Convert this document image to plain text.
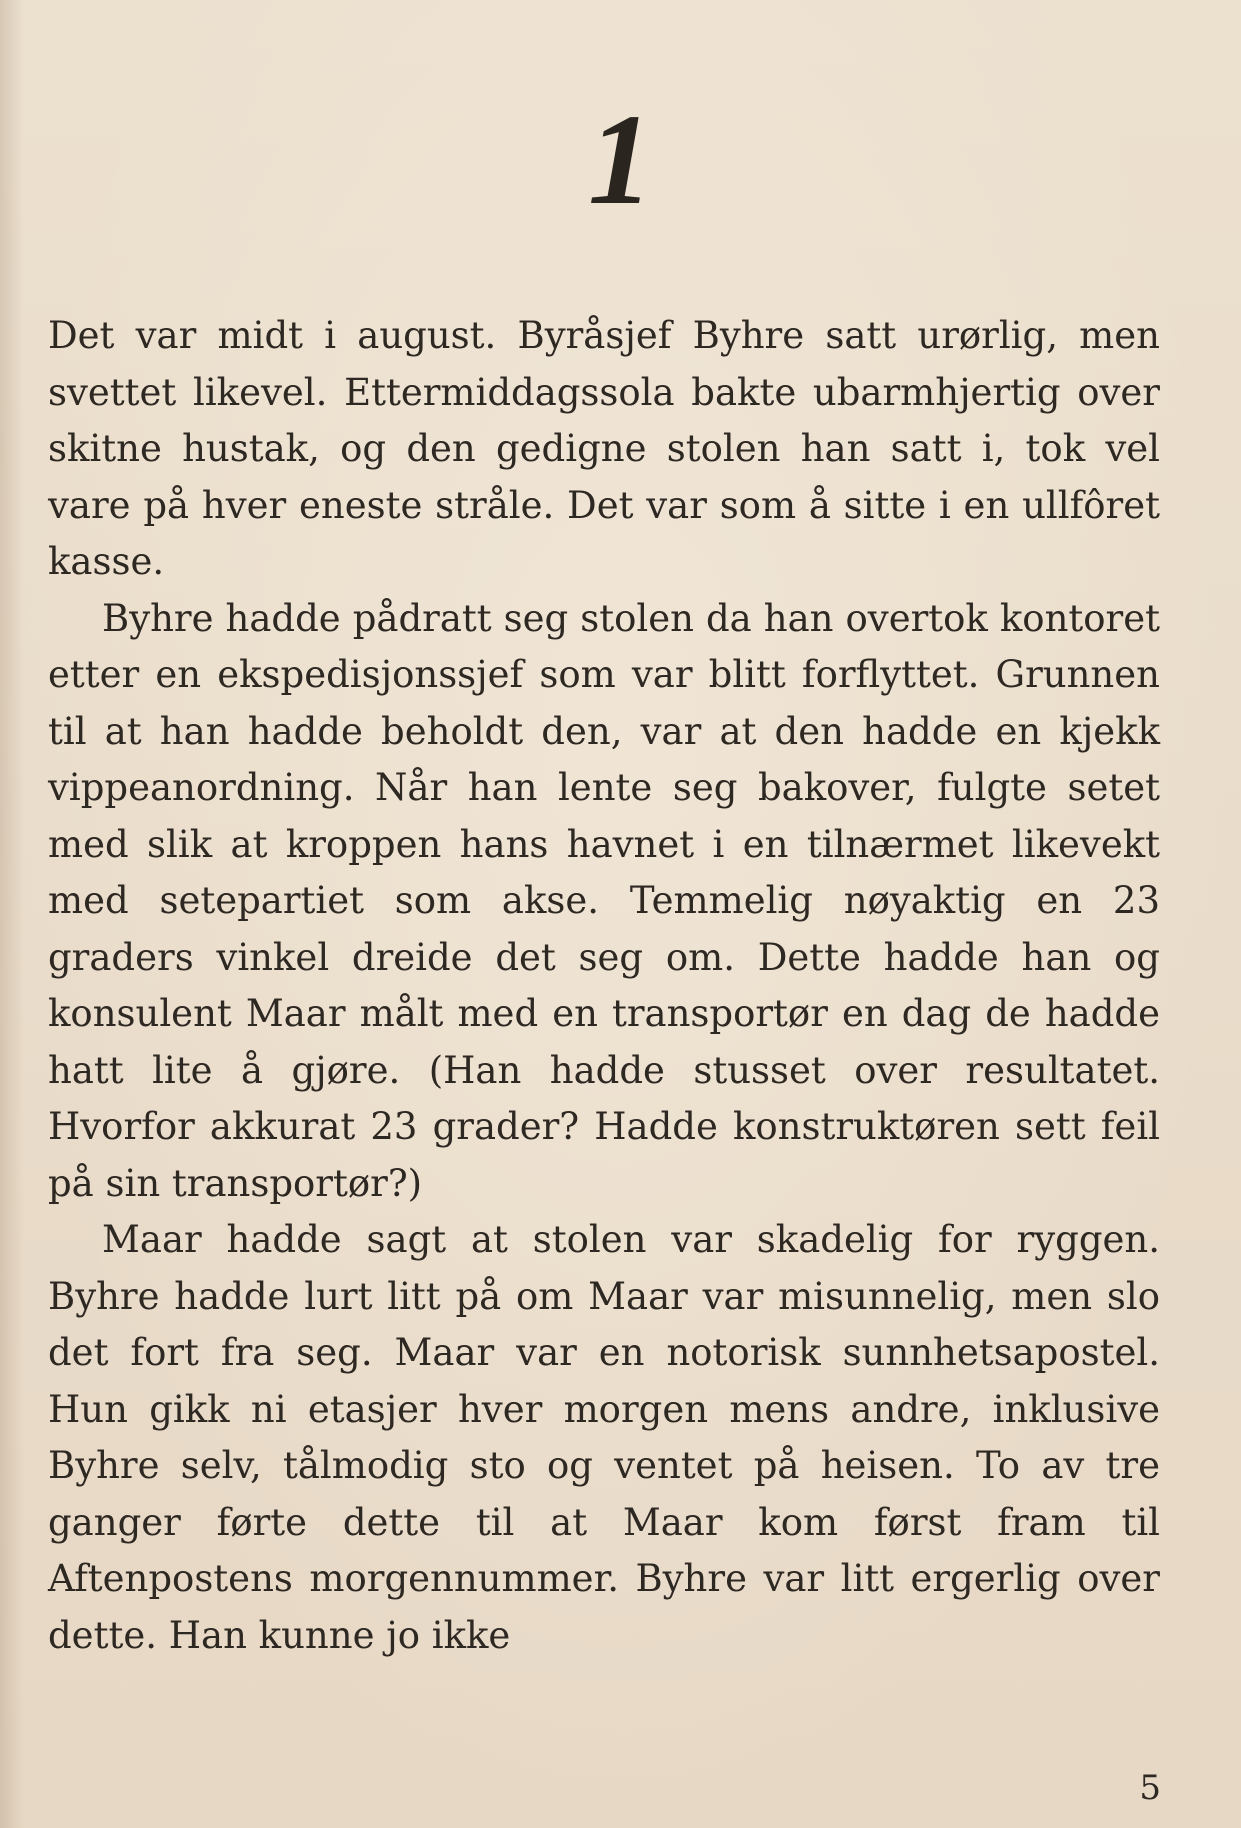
1

Det var midt i august. Byråsjef Byhre satt urørlig, men svettet likevel. Ettermiddagssola bakte ubarmhjertig over skitne hustak, og den gedigne stolen han satt i, tok vel vare på hver eneste stråle. Det var som å sitte i en ullfôret kasse.

Byhre hadde pådratt seg stolen da han overtok kontoret etter en ekspedisjonssjef som var blitt forflyttet. Grunnen til at han hadde beholdt den, var at den hadde en kjekk vippeanordning. Når han lente seg bakover, fulgte setet med slik at kroppen hans havnet i en tilnærmet likevekt med setepartiet som akse. Temmelig nøyaktig en 23 graders vinkel dreide det seg om. Dette hadde han og konsulent Maar målt med en transportør en dag de hadde hatt lite å gjøre. (Han hadde stusset over resultatet. Hvorfor akkurat 23 grader? Hadde konstruktøren sett feil på sin transportør?)

Maar hadde sagt at stolen var skadelig for ryggen. Byhre hadde lurt litt på om Maar var misunnelig, men slo det fort fra seg. Maar var en notorisk sunnhetsapostel. Hun gikk ni etasjer hver morgen mens andre, inklusive Byhre selv, tålmodig sto og ventet på heisen. To av tre ganger førte dette til at Maar kom først fram til Aftenpostens morgennummer. Byhre var litt ergerlig over dette. Han kunne jo ikke

5
